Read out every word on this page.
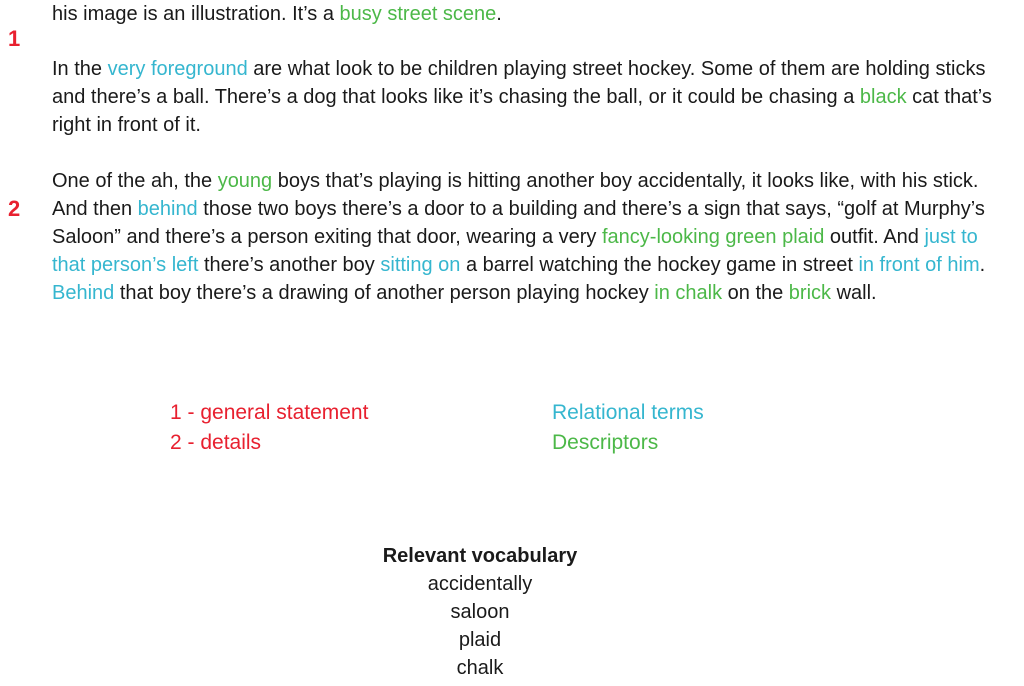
1
2

his image is an illustration. It’s a busy street scene.

In the very foreground are what look to be children playing street hockey. Some of them are holding sticks and there’s a ball. There’s a dog that looks like it’s chasing the ball, or it could be chasing a black cat that’s right in front of it.

One of the ah, the young boys that’s playing is hitting another boy accidentally, it looks like, with his stick. And then behind those two boys there’s a door to a building and there’s a sign that says, “golf at Murphy’s Saloon” and there’s a person exiting that door, wearing a very fancy-looking green plaid outfit. And just to that person’s left there’s another boy sitting on a barrel watching the hockey game in street in front of him. Behind that boy there’s a drawing of another person playing hockey in chalk on the brick wall.

1 - general statement
2 - details
Relational terms
Descriptors
Relevant vocabulary
accidentally
saloon
plaid
chalk
